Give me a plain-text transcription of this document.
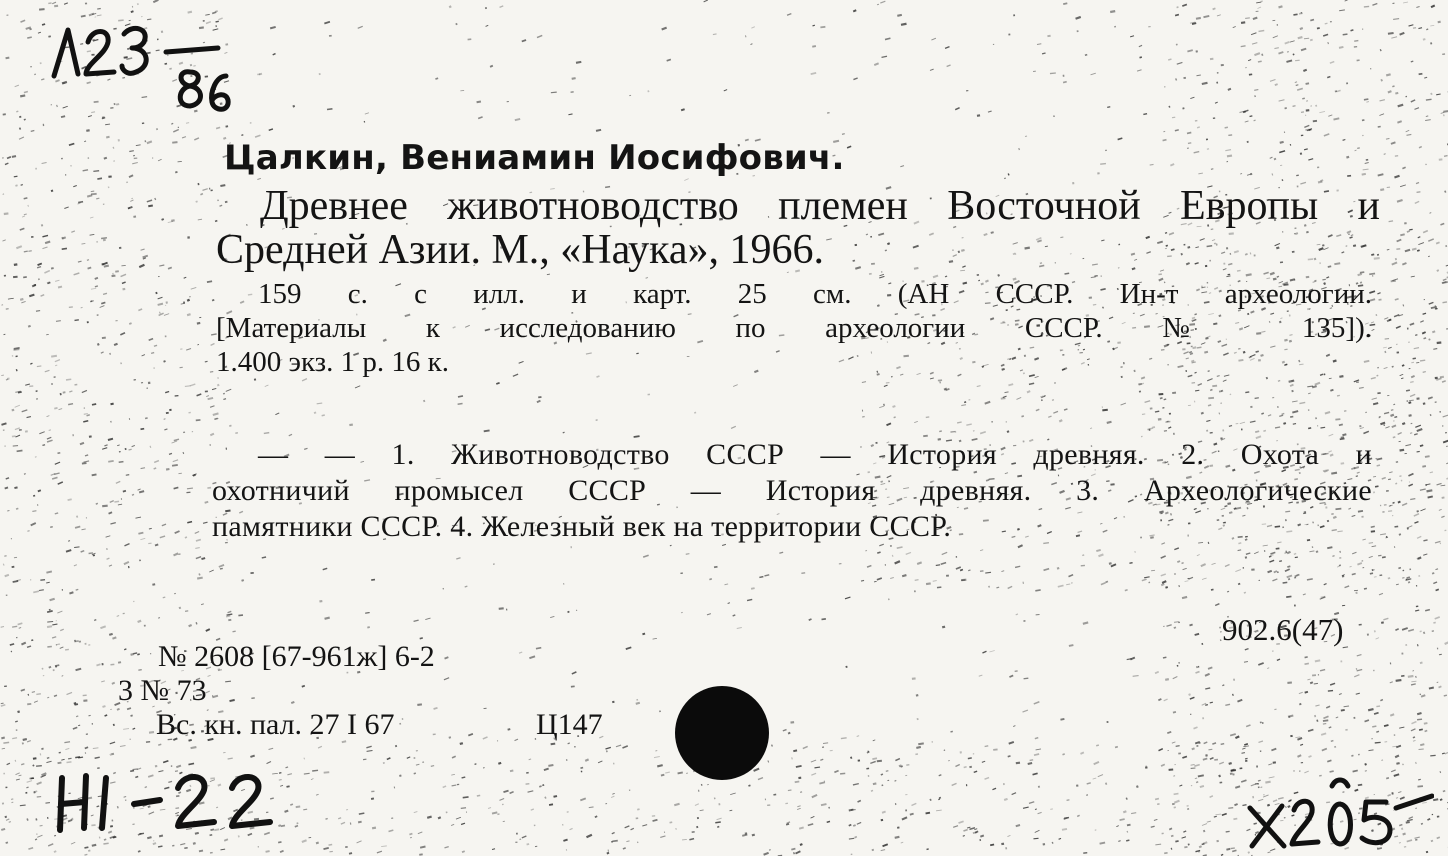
Цалкин, Вениамин Иосифович.

Древнее животноводство племен Восточной Европы и

Средней Азии. М., «Наука», 1966.

159 с. с илл. и карт. 25 см. (АН СССР. Ин-т археологии.

[Материалы к исследованию по археологии СССР. № 135]).

1.400 экз. 1 р. 16 к.

— — 1. Животноводство СССР — История древняя. 2. Охота и

охотничий промысел СССР — История древняя. 3. Археологические

памятники СССР. 4. Железный век на территории СССР.

902.6(47)

№ 2608 [67-961ж] 6-2

3 № 73

Вс. кн. пал. 27 I 67	Ц147
